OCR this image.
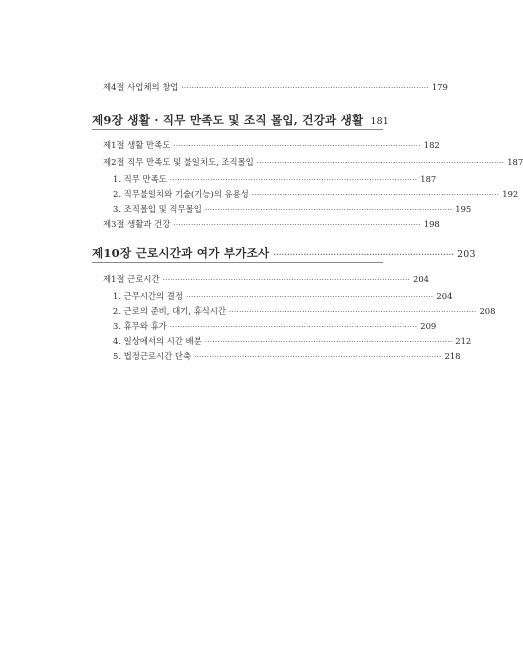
제4절 사업체의 창업 ·································································································· 179
제9장 생활 · 직무 만족도 및 조직 몰입, 건강과 생활 181
제1절 생활 만족도 ·································································································· 182
제2절 직무 만족도 및 불일치도, 조직몰입 ·································································································· 187
1. 직무 만족도 ·································································································· 187
2. 직무불일치와 기술(기능)의 유용성 ·································································································· 192
3. 조직몰입 및 직무몰입 ·································································································· 195
제3절 생활과 건강 ·································································································· 198
제10장 근로시간과 여가 부가조사 ·································································· 203
제1절 근로시간 ·································································································· 204
1. 근무시간의 결정 ·································································································· 204
2. 근로의 준비, 대기, 휴식시간 ·································································································· 208
3. 휴무와 휴가 ·································································································· 209
4. 일상에서의 시간 배분 ·································································································· 212
5. 법정근로시간 단축 ·································································································· 218
